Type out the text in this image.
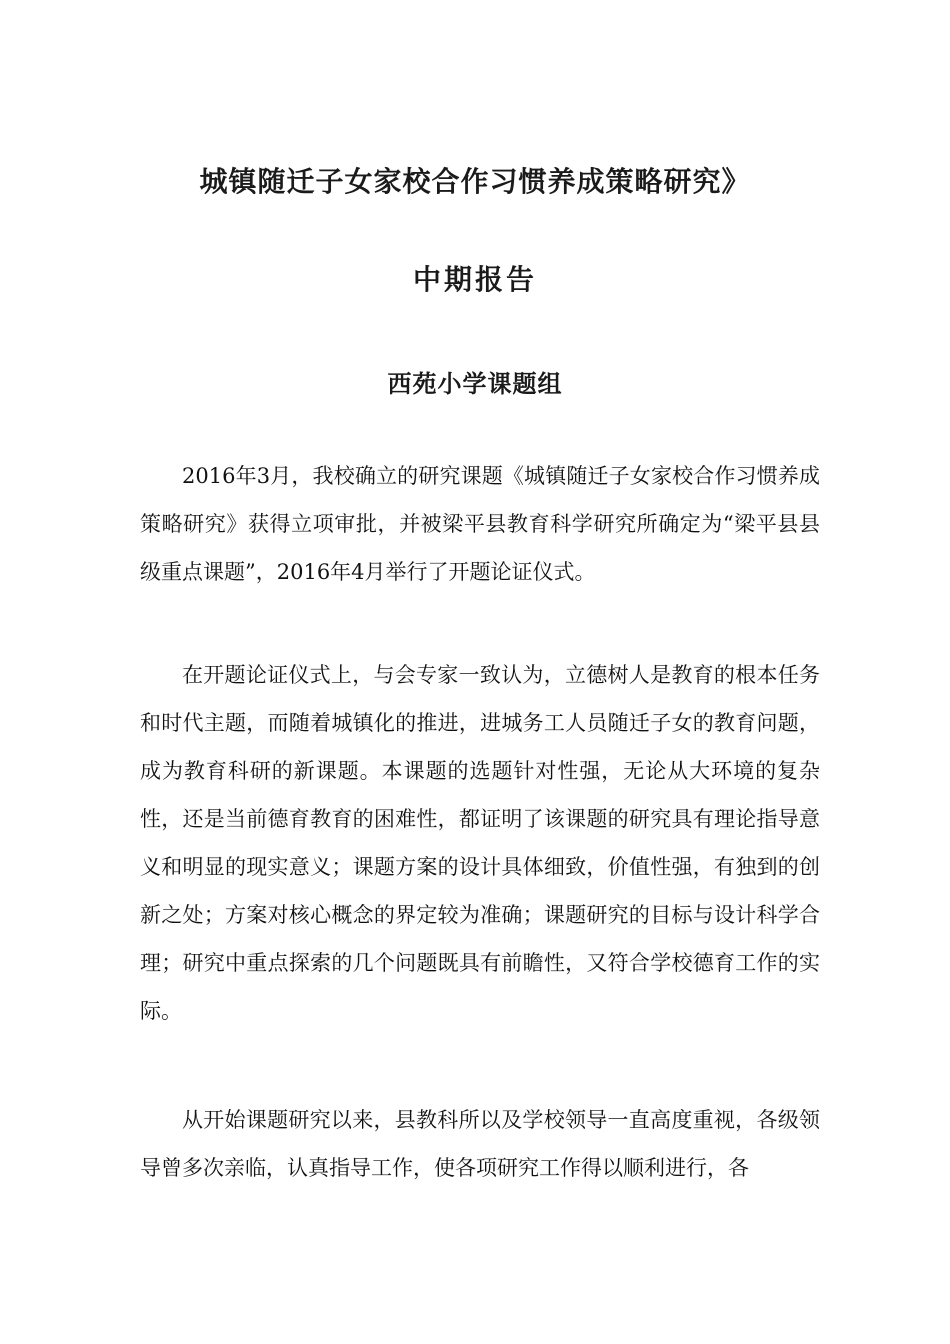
城镇随迁子女家校合作习惯养成策略研究》
中期报告
西苑小学课题组

2016年3月，我校确立的研究课题《城镇随迁子女家校合作习惯养成策略研究》获得立项审批，并被梁平县教育科学研究所确定为“梁平县县级重点课题”，2016年4月举行了开题论证仪式。

在开题论证仪式上，与会专家一致认为，立德树人是教育的根本任务和时代主题，而随着城镇化的推进，进城务工人员随迁子女的教育问题，成为教育科研的新课题。本课题的选题针对性强，无论从大环境的复杂性，还是当前德育教育的困难性，都证明了该课题的研究具有理论指导意义和明显的现实意义；课题方案的设计具体细致，价值性强，有独到的创新之处；方案对核心概念的界定较为准确；课题研究的目标与设计科学合理；研究中重点探索的几个问题既具有前瞻性，又符合学校德育工作的实际。

从开始课题研究以来，县教科所以及学校领导一直高度重视，各级领导曾多次亲临，认真指导工作，使各项研究工作得以顺利进行，各
